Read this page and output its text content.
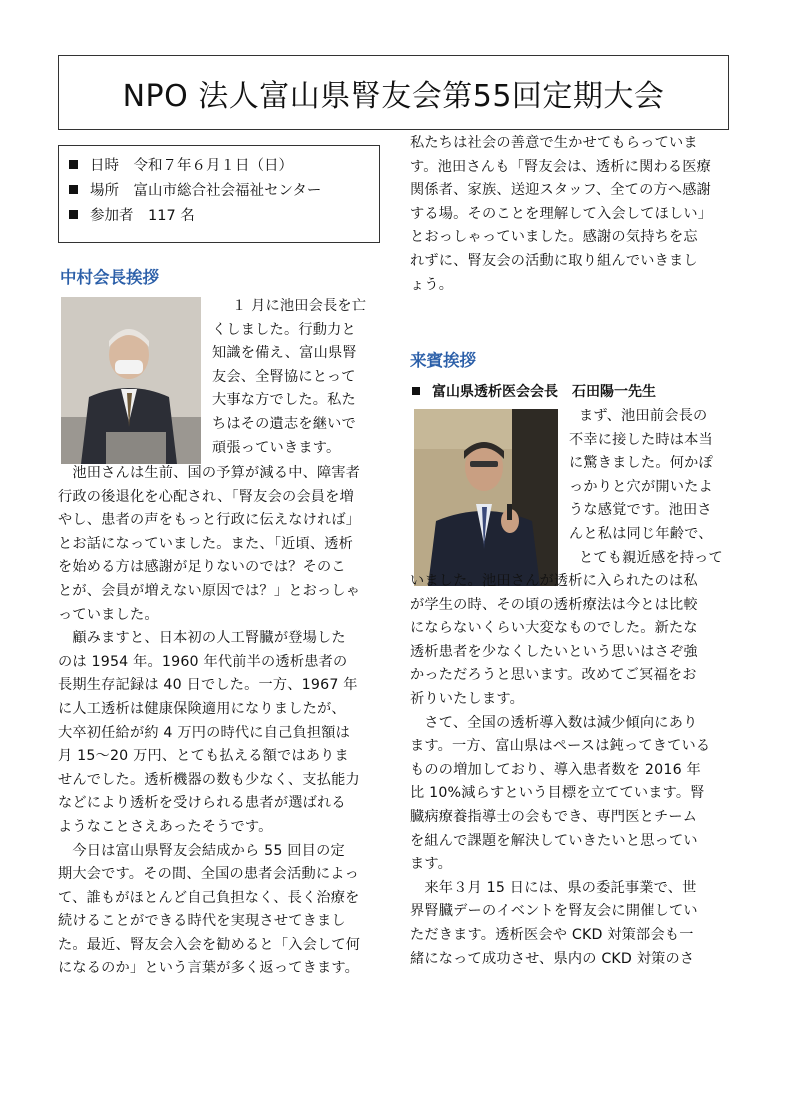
NPO 法人富山県腎友会第55回定期大会
日時　令和７年６月１日（日）
場所　富山市総合社会福祉センター
参加者　117 名
中村会長挨拶
１ 月に池田会長を亡
くしました。行動力と
知識を備え、富山県腎
友会、全腎協にとって
大事な方でした。私た
ちはその遺志を継いで
頑張っていきます。
　池田さんは生前、国の予算が減る中、障害者
行政の後退化を心配され、「腎友会の会員を増
やし、患者の声をもっと行政に伝えなければ」
とお話になっていました。また、「近頃、透析
を始める方は感謝が足りないのでは？そのこ
とが、会員が増えない原因では？」とおっしゃ
っていました。
　顧みますと、日本初の人工腎臓が登場した
のは 1954 年。1960 年代前半の透析患者の
長期生存記録は 40 日でした。一方、1967 年
に人工透析は健康保険適用になりましたが、
大卒初任給が約 4 万円の時代に自己負担額は
月 15～20 万円、とても払える額ではありま
せんでした。透析機器の数も少なく、支払能力
などにより透析を受けられる患者が選ばれる
ようなことさえあったそうです。
　今日は富山県腎友会結成から 55 回目の定
期大会です。その間、全国の患者会活動によっ
て、誰もがほとんど自己負担なく、長く治療を
続けることができる時代を実現させてきまし
た。最近、腎友会入会を勧めると「入会して何
になるのか」という言葉が多く返ってきます。
私たちは社会の善意で生かせてもらっていま
す。池田さんも「腎友会は、透析に関わる医療
関係者、家族、送迎スタッフ、全ての方へ感謝
する場。そのことを理解して入会してほしい」
とおっしゃっていました。感謝の気持ちを忘
れずに、腎友会の活動に取り組んでいきまし
ょう。
来賓挨拶
富山県透析医会会長　石田陽一先生
まず、池田前会長の
不幸に接した時は本当
に驚きました。何かぽ
っかりと穴が開いたよ
うな感覚です。池田さ
んと私は同じ年齢で、
とても親近感を持って
いました。池田さんが透析に入られたのは私
が学生の時、その頃の透析療法は今とは比較
にならないくらい大変なものでした。新たな
透析患者を少なくしたいという思いはさぞ強
かっただろうと思います。改めてご冥福をお
祈りいたします。
　さて、全国の透析導入数は減少傾向にあり
ます。一方、富山県はペースは鈍ってきている
ものの増加しており、導入患者数を 2016 年
比 10%減らすという目標を立てています。腎
臓病療養指導士の会もでき、専門医とチーム
を組んで課題を解決していきたいと思ってい
ます。
　来年３月 15 日には、県の委託事業で、世
界腎臓デーのイベントを腎友会に開催してい
ただきます。透析医会や CKD 対策部会も一
緒になって成功させ、県内の CKD 対策のさ
